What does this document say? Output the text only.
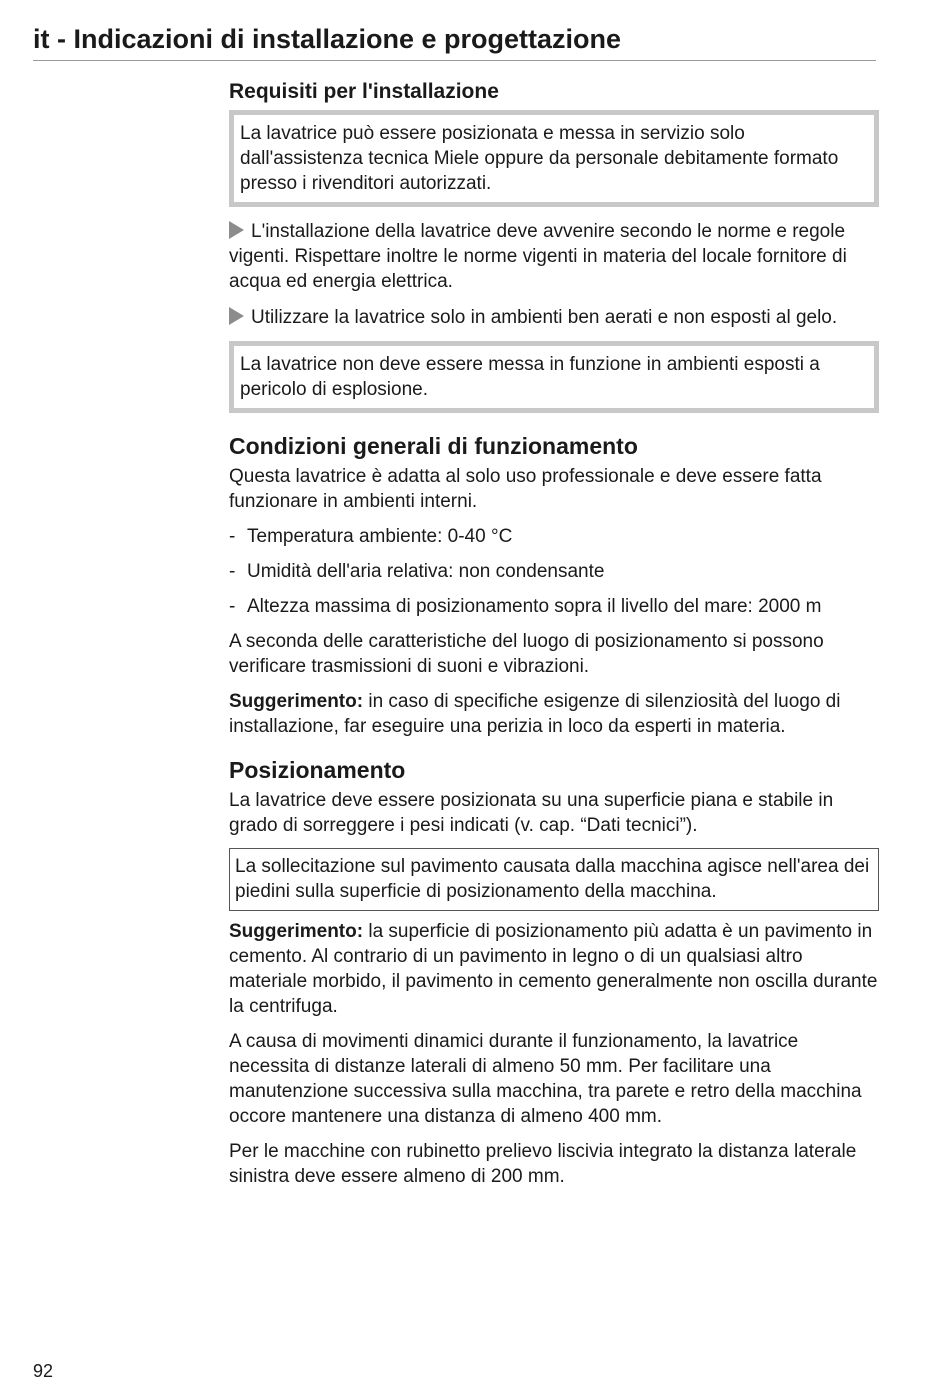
it - Indicazioni di installazione e progettazione
Requisiti per l'installazione

La lavatrice può essere posizionata e messa in servizio solo dall'assistenza tecnica Miele oppure da personale debitamente formato presso i rivenditori autorizzati.

L'installazione della lavatrice deve avvenire secondo le norme e regole vigenti. Rispettare inoltre le norme vigenti in materia del locale fornitore di acqua ed energia elettrica.

Utilizzare la lavatrice solo in ambienti ben aerati e non esposti al gelo.

La lavatrice non deve essere messa in funzione in ambienti esposti a pericolo di esplosione.

Condizioni generali di funzionamento

Questa lavatrice è adatta al solo uso professionale e deve essere fatta funzionare in ambienti interni.

- Temperatura ambiente: 0-40 °C
- Umidità dell'aria relativa: non condensante
- Altezza massima di posizionamento sopra il livello del mare: 2000 m

A seconda delle caratteristiche del luogo di posizionamento si possono verificare trasmissioni di suoni e vibrazioni.

Suggerimento: in caso di specifiche esigenze di silenziosità del luogo di installazione, far eseguire una perizia in loco da esperti in materia.

Posizionamento

La lavatrice deve essere posizionata su una superficie piana e stabile in grado di sorreggere i pesi indicati (v. cap. “Dati tecnici”).

La sollecitazione sul pavimento causata dalla macchina agisce nell'area dei piedini sulla superficie di posizionamento della macchina.

Suggerimento: la superficie di posizionamento più adatta è un pavimento in cemento. Al contrario di un pavimento in legno o di un qualsiasi altro materiale morbido, il pavimento in cemento generalmente non oscilla durante la centrifuga.

A causa di movimenti dinamici durante il funzionamento, la lavatrice necessita di distanze laterali di almeno 50 mm. Per facilitare una manutenzione successiva sulla macchina, tra parete e retro della macchina occore mantenere una distanza di almeno 400 mm.

Per le macchine con rubinetto prelievo liscivia integrato la distanza laterale sinistra deve essere almeno di 200 mm.

92
